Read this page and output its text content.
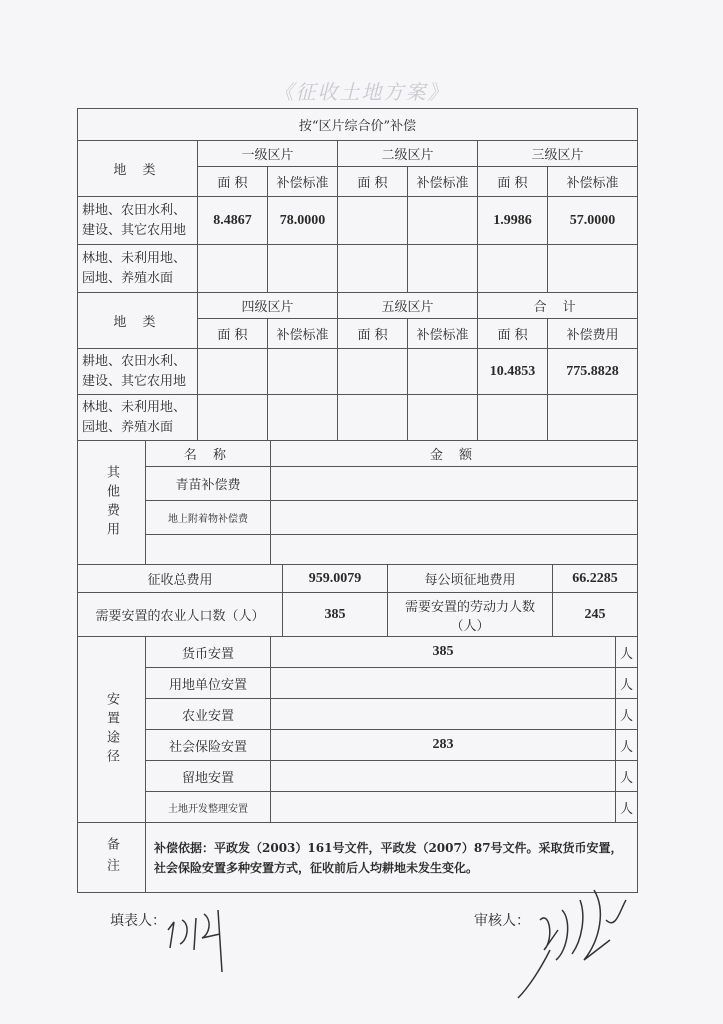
《征收土地方案》
按“区片综合价”补偿						
地 类	一级区片		二级区片		三级区片	
	面 积	补偿标准	面 积	补偿标准	面 积	补偿标准
耕地、农田水利、建设、其它农用地	8.4867	78.0000			1.9986	57.0000
林地、未利用地、园地、养殖水面						
地 类	四级区片		五级区片		合 计	
	面 积	补偿标准	面 积	补偿标准	面 积	补偿费用
耕地、农田水利、建设、其它农用地					10.4853	775.8828
林地、未利用地、园地、养殖水面						
其他费用	名 称	金 额
	青苗补偿费	
	地上附着物补偿费	

征收总费用	959.0079	每公顷征地费用	66.2285
需要安置的农业人口数（人）	385	需要安置的劳动力人数（人）	245
安置途径	货币安置	385	人
	用地单位安置		人
	农业安置		人
	社会保险安置	283	人
	留地安置		人
	土地开发整理安置		人
备注	补偿依据：平政发（2003）161号文件，平政发（2007）87号文件。采取货币安置，社会保险安置多种安置方式，征收前后人均耕地未发生变化。
填表人：	审核人：
